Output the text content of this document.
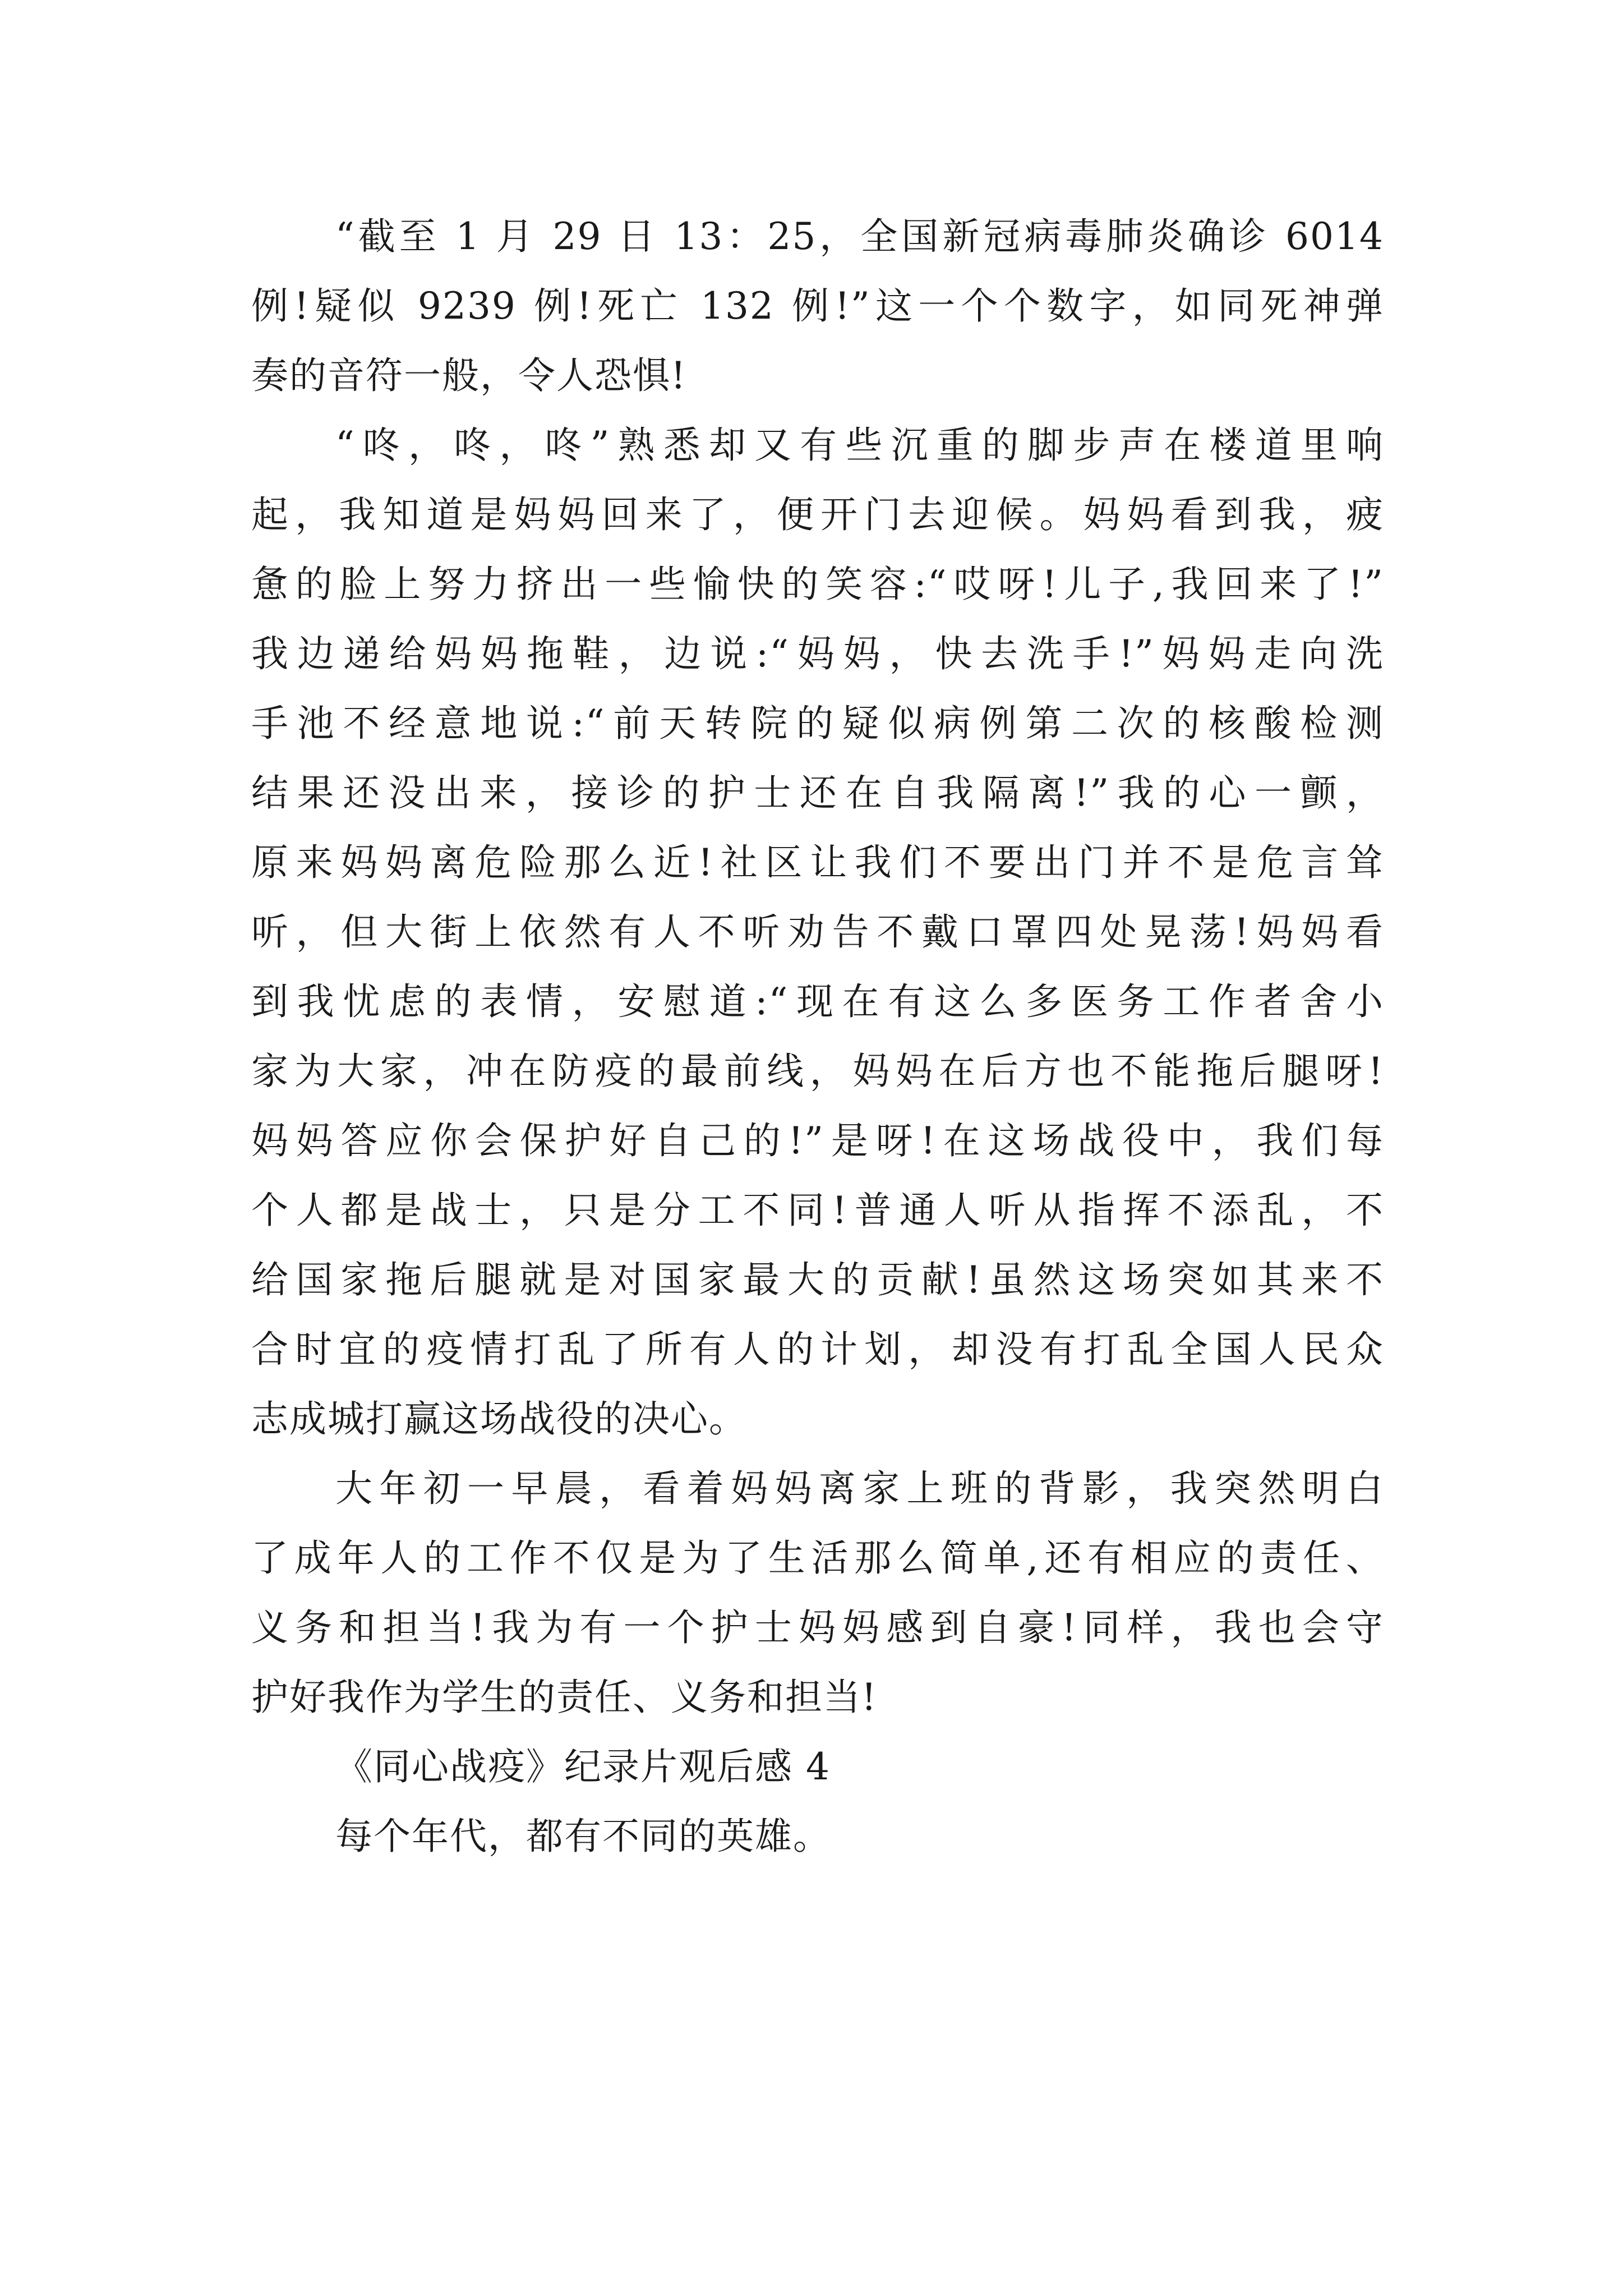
“截至 1 月 29 日 13：25，全国新冠病毒肺炎确诊 6014
例!疑似 9239 例!死亡 132 例!”这一个个数字，如同死神弹
奏的音符一般，令人恐惧!
“咚，咚，咚”熟悉却又有些沉重的脚步声在楼道里响
起，我知道是妈妈回来了，便开门去迎候。妈妈看到我，疲
惫的脸上努力挤出一些愉快的笑容:“哎呀!儿子,我回来了!”
我边递给妈妈拖鞋，边说:“妈妈，快去洗手!”妈妈走向洗
手池不经意地说:“前天转院的疑似病例第二次的核酸检测
结果还没出来，接诊的护士还在自我隔离!”我的心一颤，
原来妈妈离危险那么近!社区让我们不要出门并不是危言耸
听，但大街上依然有人不听劝告不戴口罩四处晃荡!妈妈看
到我忧虑的表情，安慰道:“现在有这么多医务工作者舍小
家为大家，冲在防疫的最前线，妈妈在后方也不能拖后腿呀!
妈妈答应你会保护好自己的!”是呀!在这场战役中，我们每
个人都是战士，只是分工不同!普通人听从指挥不添乱，不
给国家拖后腿就是对国家最大的贡献!虽然这场突如其来不
合时宜的疫情打乱了所有人的计划，却没有打乱全国人民众
志成城打赢这场战役的决心。
大年初一早晨，看着妈妈离家上班的背影，我突然明白
了成年人的工作不仅是为了生活那么简单,还有相应的责任、
义务和担当!我为有一个护士妈妈感到自豪!同样，我也会守
护好我作为学生的责任、义务和担当!
《同心战疫》纪录片观后感 4
每个年代，都有不同的英雄。
